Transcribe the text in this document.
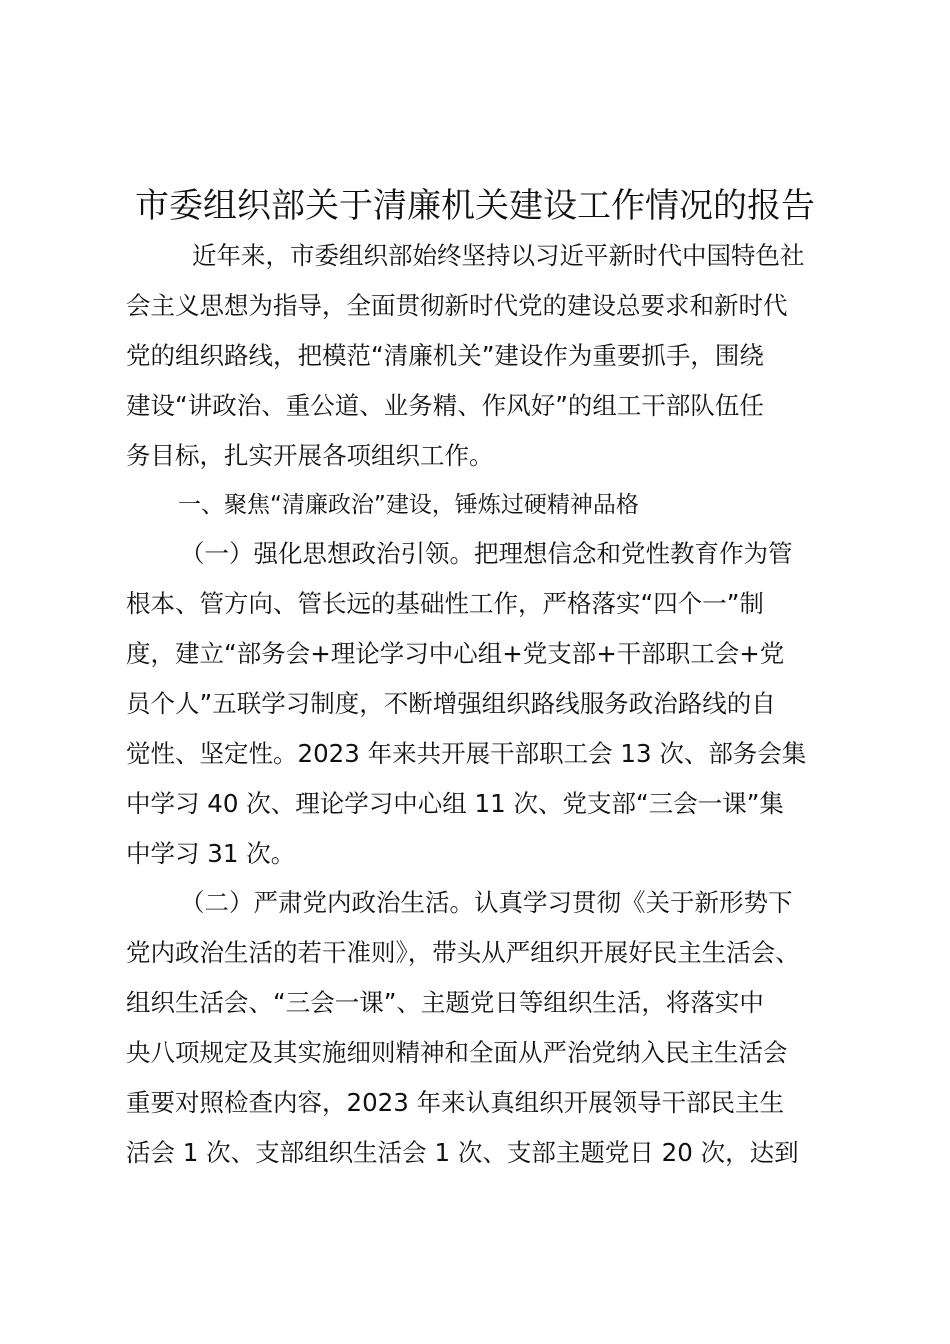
市委组织部关于清廉机关建设工作情况的报告
近年来，市委组织部始终坚持以习近平新时代中国特色社
会主义思想为指导，全面贯彻新时代党的建设总要求和新时代
党的组织路线，把模范“清廉机关”建设作为重要抓手，围绕
建设“讲政治、重公道、业务精、作风好”的组工干部队伍任
务目标，扎实开展各项组织工作。
一、聚焦“清廉政治”建设，锤炼过硬精神品格
（一）强化思想政治引领。把理想信念和党性教育作为管
根本、管方向、管长远的基础性工作，严格落实“四个一”制
度，建立“部务会+理论学习中心组+党支部+干部职工会+党
员个人”五联学习制度，不断增强组织路线服务政治路线的自
觉性、坚定性。2023 年来共开展干部职工会 13 次、部务会集
中学习 40 次、理论学习中心组 11 次、党支部“三会一课”集
中学习 31 次。
（二）严肃党内政治生活。认真学习贯彻《关于新形势下
党内政治生活的若干准则》，带头从严组织开展好民主生活会、
组织生活会、“三会一课”、主题党日等组织生活，将落实中
央八项规定及其实施细则精神和全面从严治党纳入民主生活会
重要对照检查内容，2023 年来认真组织开展领导干部民主生
活会 1 次、支部组织生活会 1 次、支部主题党日 20 次，达到
